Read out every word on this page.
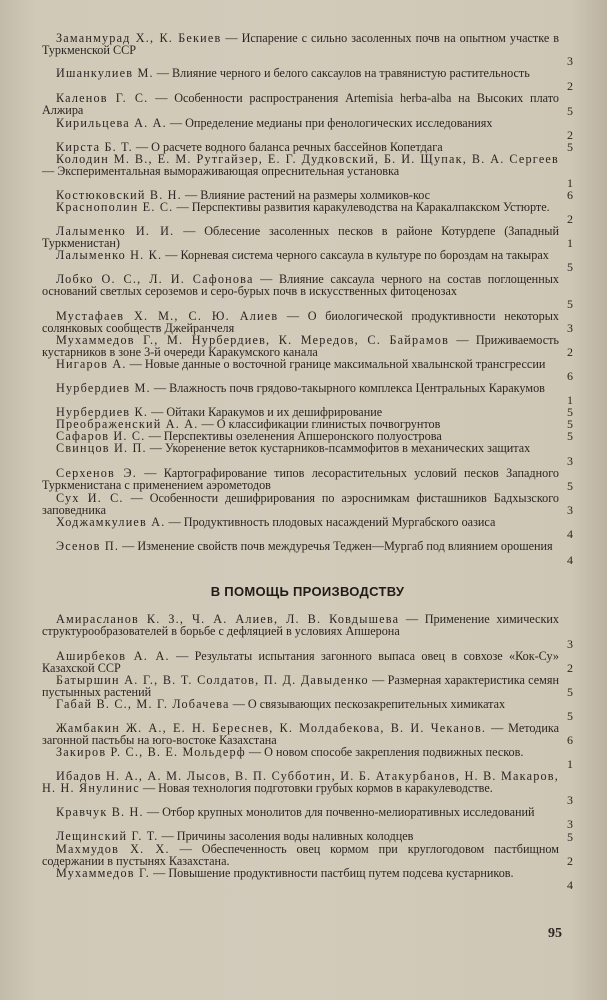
Заманмурад Х., К. Бекиев — Испарение с сильно засоленных почв на опытном участке в Туркменской ССР
3
Ишанкулиев М. — Влияние черного и белого саксаулов на травянистую растительность
2
Каленов Г. С. — Особенности распространения Artemisia herba-alba на Высоких плато Алжира	5
Кирильцева А. А. — Определение медианы при фенологических исследованиях
2
Кирста Б. Т. — О расчете водного баланса речных бассейнов Копетдага	5
Колодин М. В., Е. М. Рутгайзер, Е. Г. Дудковский, Б. И. Щупак, В. А. Сергеев — Экспериментальная вымораживающая опреснительная установка
1
Костюковский В. Н. — Влияние растений на размеры холмиков-кос	6
Краснополин Е. С. — Перспективы развития каракулеводства на Каракалпакском Устюрте.
2
Лалыменко И. И. — Облесение засоленных песков в районе Котурдепе (Западный Туркменистан)	1
Лалыменко Н. К. — Корневая система черного саксаула в культуре по бороздам на такырах
5
Лобко О. С., Л. И. Сафонова — Влияние саксаула черного на состав поглощенных оснований светлых сероземов и серо-бурых почв в искусственных фитоценозах
5
Мустафаев Х. М., С. Ю. Алиев — О биологической продуктивности некоторых солянковых сообществ Джейранчеля	3
Мухаммедов Г., М. Нурбердиев, К. Мередов, С. Байрамов — Приживаемость кустарников в зоне 3-й очереди Каракумского канала	2
Нигаров А. — Новые данные о восточной границе максимальной хвалынской трансгрессии
6
Нурбердиев М. — Влажность почв грядово-такырного комплекса Центральных Каракумов
1
Нурбердиев К. — Ойтаки Каракумов и их дешифрирование	5
Преображенский А. А. — О классификации глинистых почвогрунтов	5
Сафаров И. С. — Перспективы озеленения Апшеронского полуострова	5
Свинцов И. П. — Укоренение веток кустарников-псаммофитов в механических защитах
3
Серхенов Э. — Картографирование типов лесорастительных условий песков Западного Туркменистана с применением аэрометодов	5
Сух И. С. — Особенности дешифрирования по аэроснимкам фисташников Бадхызского заповедника	3
Ходжамкулиев А. — Продуктивность плодовых насаждений Мургабского оазиса
4
Эсенов П. — Изменение свойств почв междуречья Теджен—Мургаб под влиянием орошения
4
В ПОМОЩЬ ПРОИЗВОДСТВУ
Амирасланов К. З., Ч. А. Алиев, Л. В. Ковдышева — Применение химических структурообразователей в борьбе с дефляцией в условиях Апшерона
3
Аширбеков А. А. — Результаты испытания загонного выпаса овец в совхозе «Кок-Су» Казахской ССР	2
Батыршин А. Г., В. Т. Солдатов, П. Д. Давыденко — Размерная характеристика семян пустынных растений	5
Габай В. С., М. Г. Лобачева — О связывающих пескозакрепительных химикатах
5
Жамбакин Ж. А., Е. Н. Береснев, К. Молдабекова, В. И. Чеканов. — Методика загонной пастьбы на юго-востоке Казахстана	6
Закиров Р. С., В. Е. Мольдерф — О новом способе закрепления подвижных песков.
1
Ибадов Н. А., А. М. Лысов, В. П. Субботин, И. Б. Атакурбанов, Н. В. Макаров, Н. Н. Янулинис — Новая технология подготовки грубых кормов в каракулеводстве.
3
Кравчук В. Н. — Отбор крупных монолитов для почвенно-мелиоративных исследований
3
Лещинский Г. Т. — Причины засоления воды наливных колодцев	5
Махмудов Х. Х. — Обеспеченность овец кормом при круглогодовом пастбищном содержании в пустынях Казахстана.	2
Мухаммедов Г. — Повышение продуктивности пастбищ путем подсева кустарников.
4
95
